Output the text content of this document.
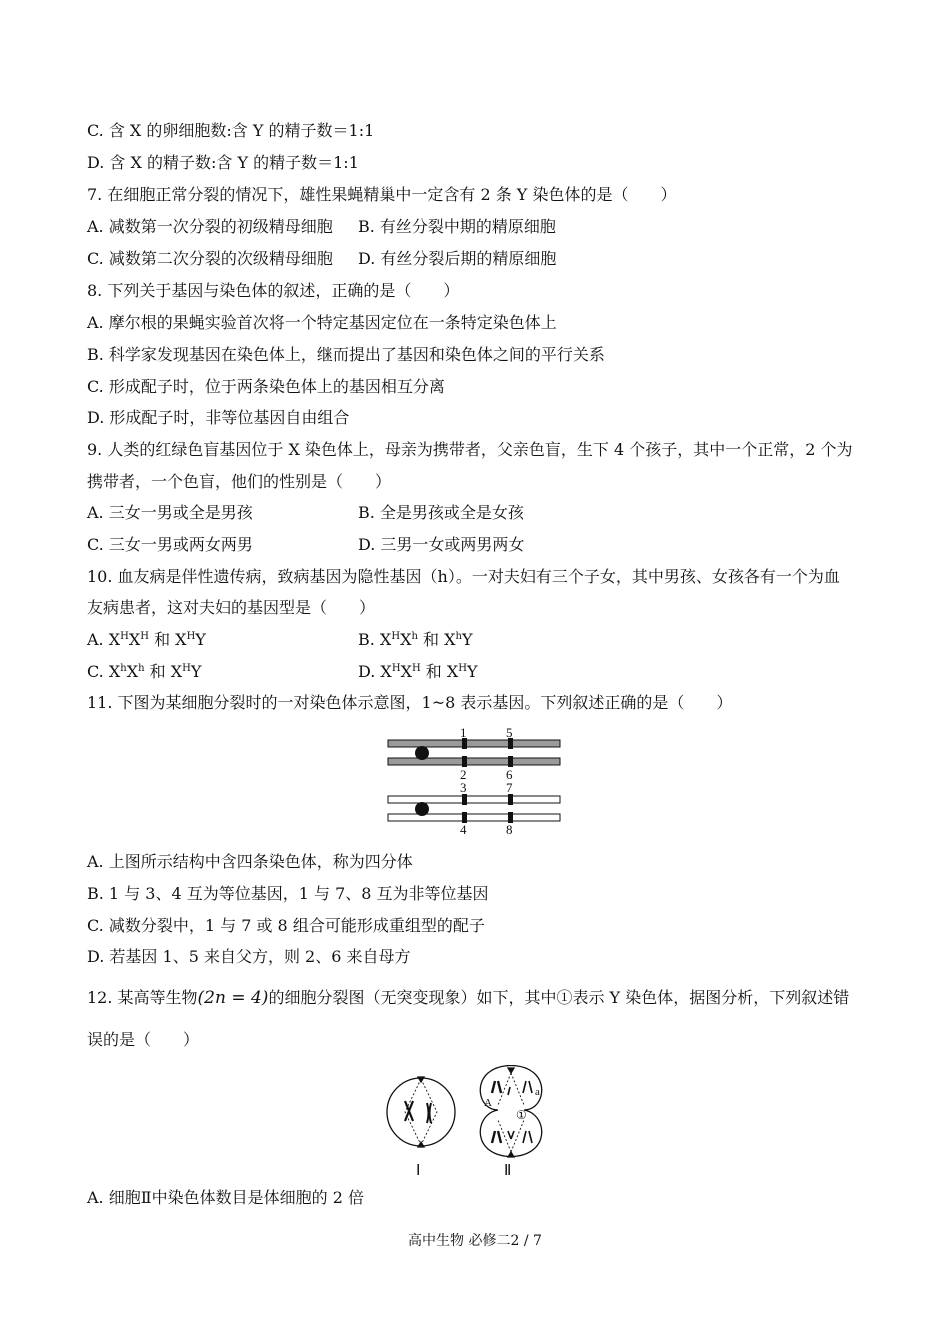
C. 含 X 的卵细胞数:含 Y 的精子数＝1:1
D. 含 X 的精子数:含 Y 的精子数＝1:1
7. 在细胞正常分裂的情况下，雄性果蝇精巢中一定含有 2 条 Y 染色体的是（　　）
A. 减数第一次分裂的初级精母细胞 B. 有丝分裂中期的精原细胞
C. 减数第二次分裂的次级精母细胞 D. 有丝分裂后期的精原细胞
8. 下列关于基因与染色体的叙述，正确的是（　　）
A. 摩尔根的果蝇实验首次将一个特定基因定位在一条特定染色体上
B. 科学家发现基因在染色体上，继而提出了基因和染色体之间的平行关系
C. 形成配子时，位于两条染色体上的基因相互分离
D. 形成配子时，非等位基因自由组合
9. 人类的红绿色盲基因位于 X 染色体上，母亲为携带者，父亲色盲，生下 4 个孩子，其中一个正常，2 个为
携带者，一个色盲，他们的性别是（　　）
A. 三女一男或全是男孩	B. 全是男孩或全是女孩
C. 三女一男或两女两男	D. 三男一女或两男两女
10. 血友病是伴性遗传病，致病基因为隐性基因（h）。一对夫妇有三个子女，其中男孩、女孩各有一个为血
友病患者，这对夫妇的基因型是（　　）
A. $X^HX^H$ 和 $X^HY$	B. $X^HX^h$ 和 $X^hY$
C. $X^hX^h$ 和 $X^HY$	D. $X^HX^H$ 和 $X^HY$
11. 下图为某细胞分裂时的一对染色体示意图，1~8 表示基因。下列叙述正确的是（　　）
1	5
2	6
3	7
4	8
A. 上图所示结构中含四条染色体，称为四分体
B. 1 与 3、4 互为等位基因，1 与 7、8 互为非等位基因
C. 减数分裂中，1 与 7 或 8 组合可能形成重组型的配子
D. 若基因 1、5 来自父方，则 2、6 来自母方
12. 某高等生物(2n = 4)的细胞分裂图（无突变现象）如下，其中①表示 Y 染色体，据图分析，下列叙述错
误的是（　　）
Ⅰ
A
a
①
Ⅱ
A. 细胞Ⅱ中染色体数目是体细胞的 2 倍
高中生物 必修二2 / 7
